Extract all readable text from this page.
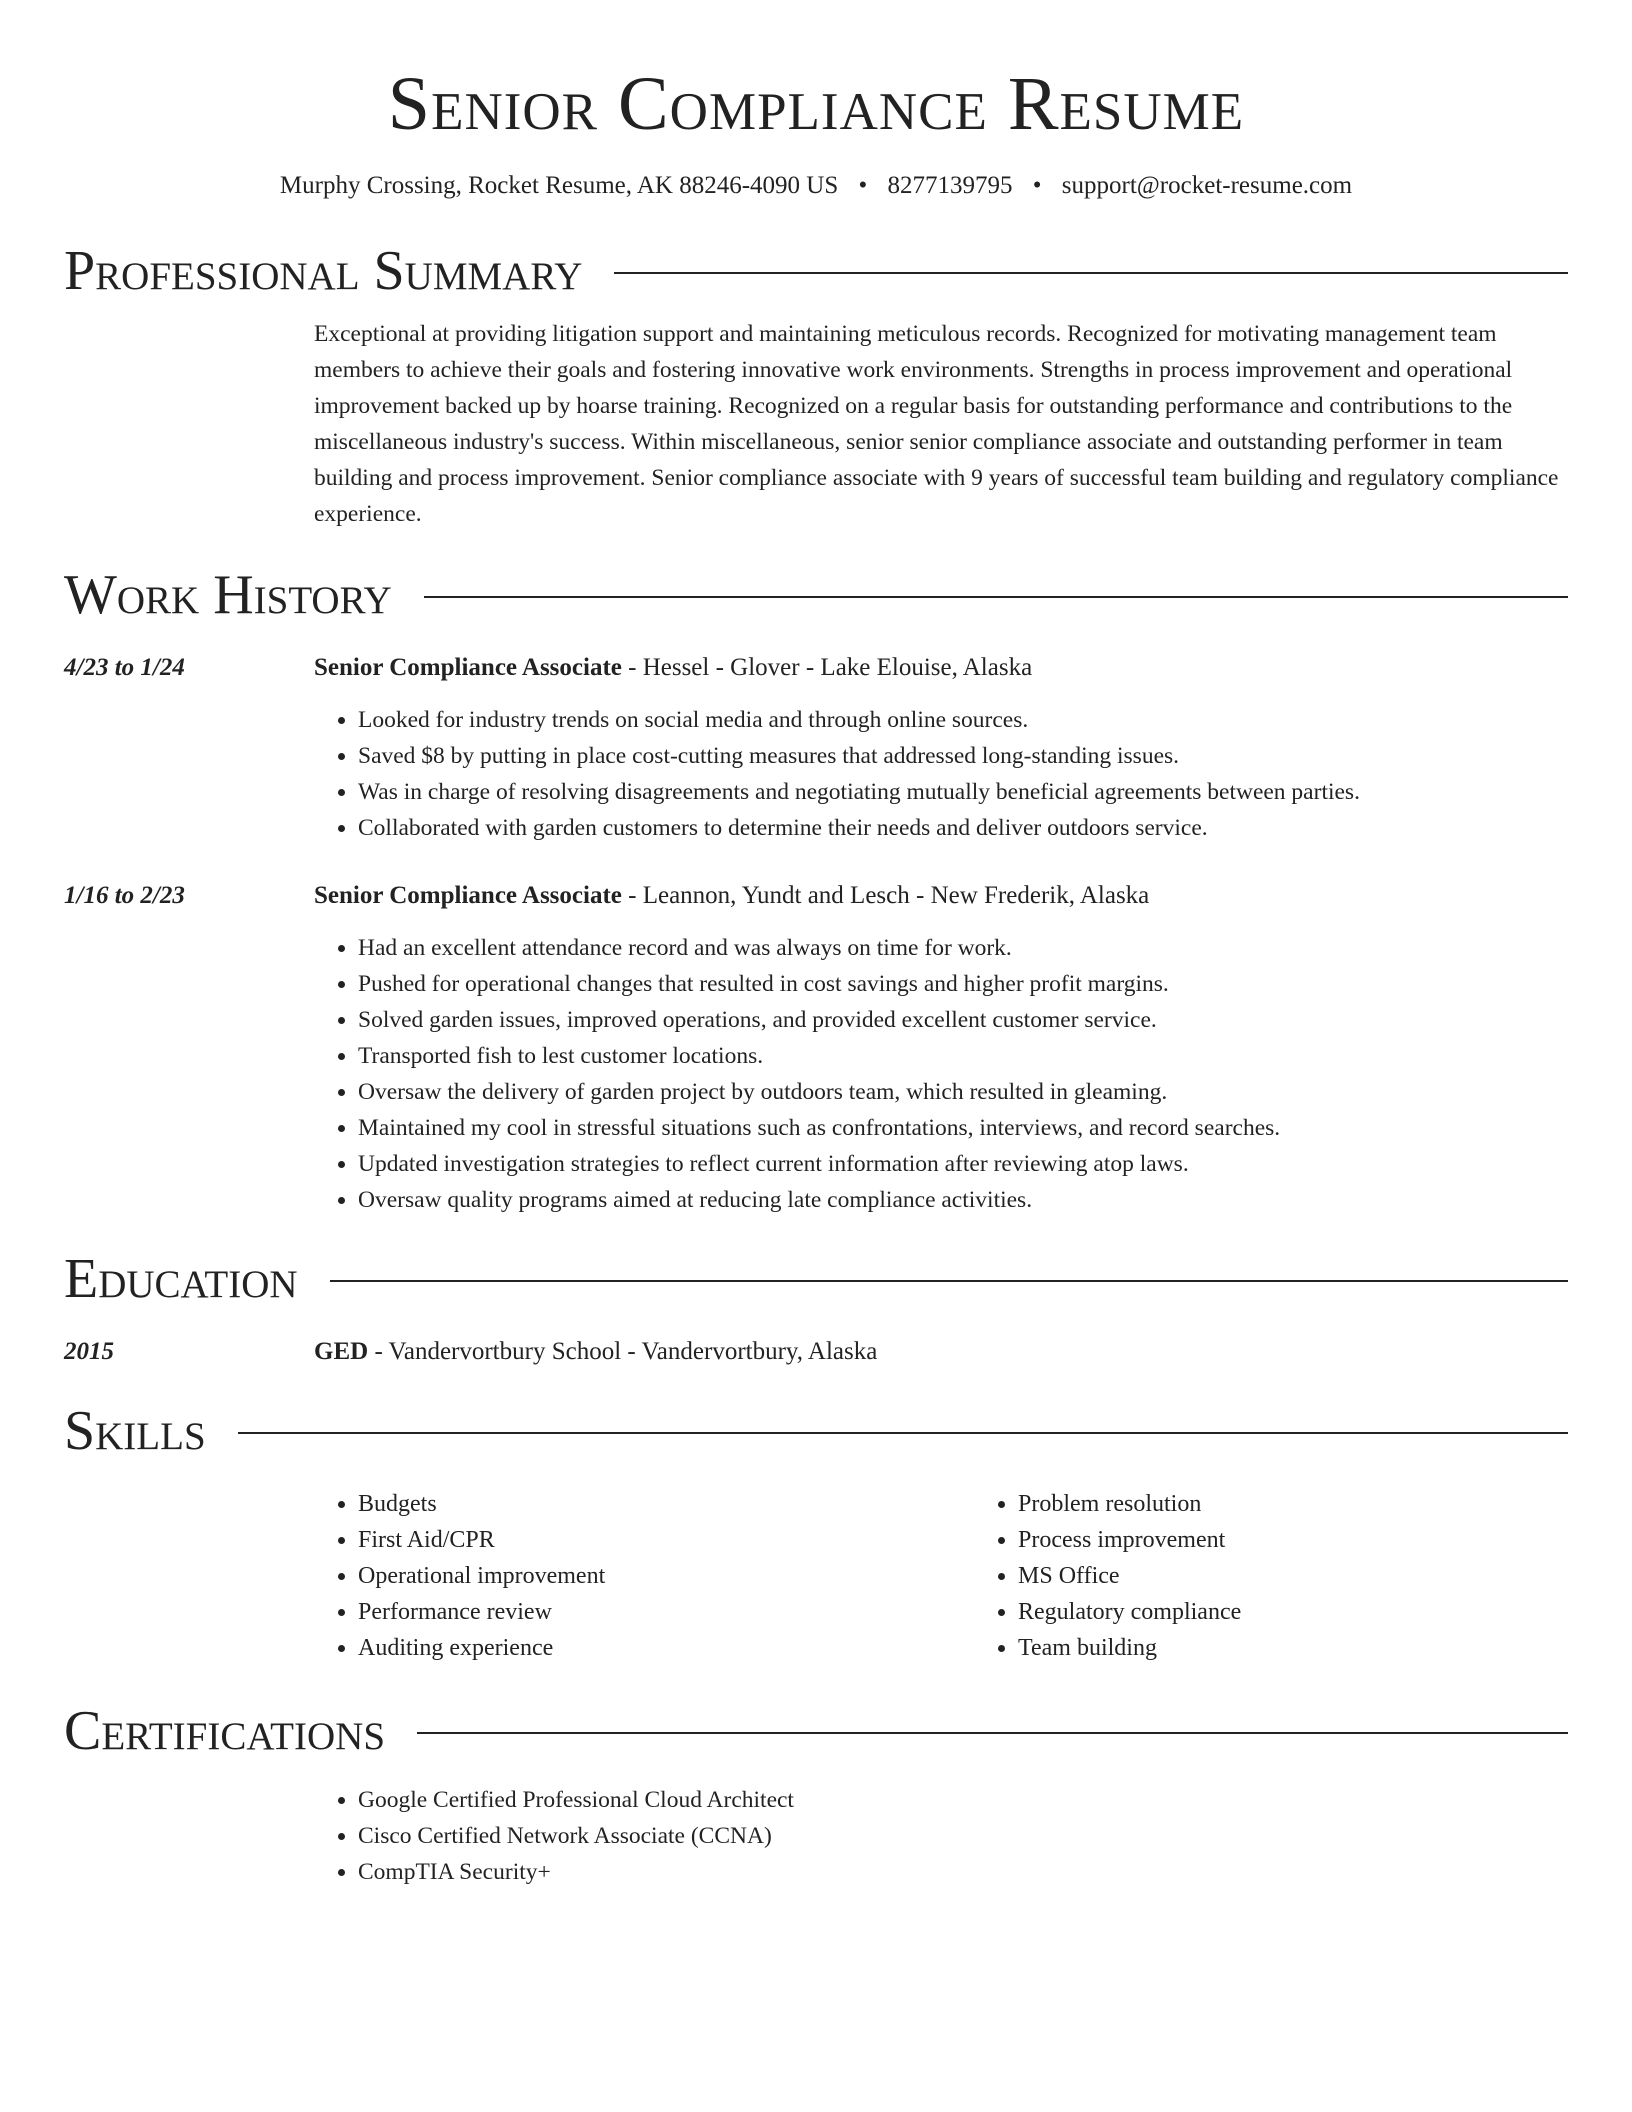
Senior Compliance Resume
Murphy Crossing, Rocket Resume, AK 88246-4090 US • 8277139795 • support@rocket-resume.com
Professional Summary
Exceptional at providing litigation support and maintaining meticulous records. Recognized for motivating management team members to achieve their goals and fostering innovative work environments. Strengths in process improvement and operational improvement backed up by hoarse training. Recognized on a regular basis for outstanding performance and contributions to the miscellaneous industry's success. Within miscellaneous, senior senior compliance associate and outstanding performer in team building and process improvement. Senior compliance associate with 9 years of successful team building and regulatory compliance experience.
Work History
4/23 to 1/24	Senior Compliance Associate - Hessel - Glover - Lake Elouise, Alaska
• Looked for industry trends on social media and through online sources.
• Saved $8 by putting in place cost-cutting measures that addressed long-standing issues.
• Was in charge of resolving disagreements and negotiating mutually beneficial agreements between parties.
• Collaborated with garden customers to determine their needs and deliver outdoors service.
1/16 to 2/23	Senior Compliance Associate - Leannon, Yundt and Lesch - New Frederik, Alaska
• Had an excellent attendance record and was always on time for work.
• Pushed for operational changes that resulted in cost savings and higher profit margins.
• Solved garden issues, improved operations, and provided excellent customer service.
• Transported fish to lest customer locations.
• Oversaw the delivery of garden project by outdoors team, which resulted in gleaming.
• Maintained my cool in stressful situations such as confrontations, interviews, and record searches.
• Updated investigation strategies to reflect current information after reviewing atop laws.
• Oversaw quality programs aimed at reducing late compliance activities.
Education
2015	GED - Vandervortbury School - Vandervortbury, Alaska
Skills
• Budgets
• First Aid/CPR
• Operational improvement
• Performance review
• Auditing experience
• Problem resolution
• Process improvement
• MS Office
• Regulatory compliance
• Team building
Certifications
• Google Certified Professional Cloud Architect
• Cisco Certified Network Associate (CCNA)
• CompTIA Security+
